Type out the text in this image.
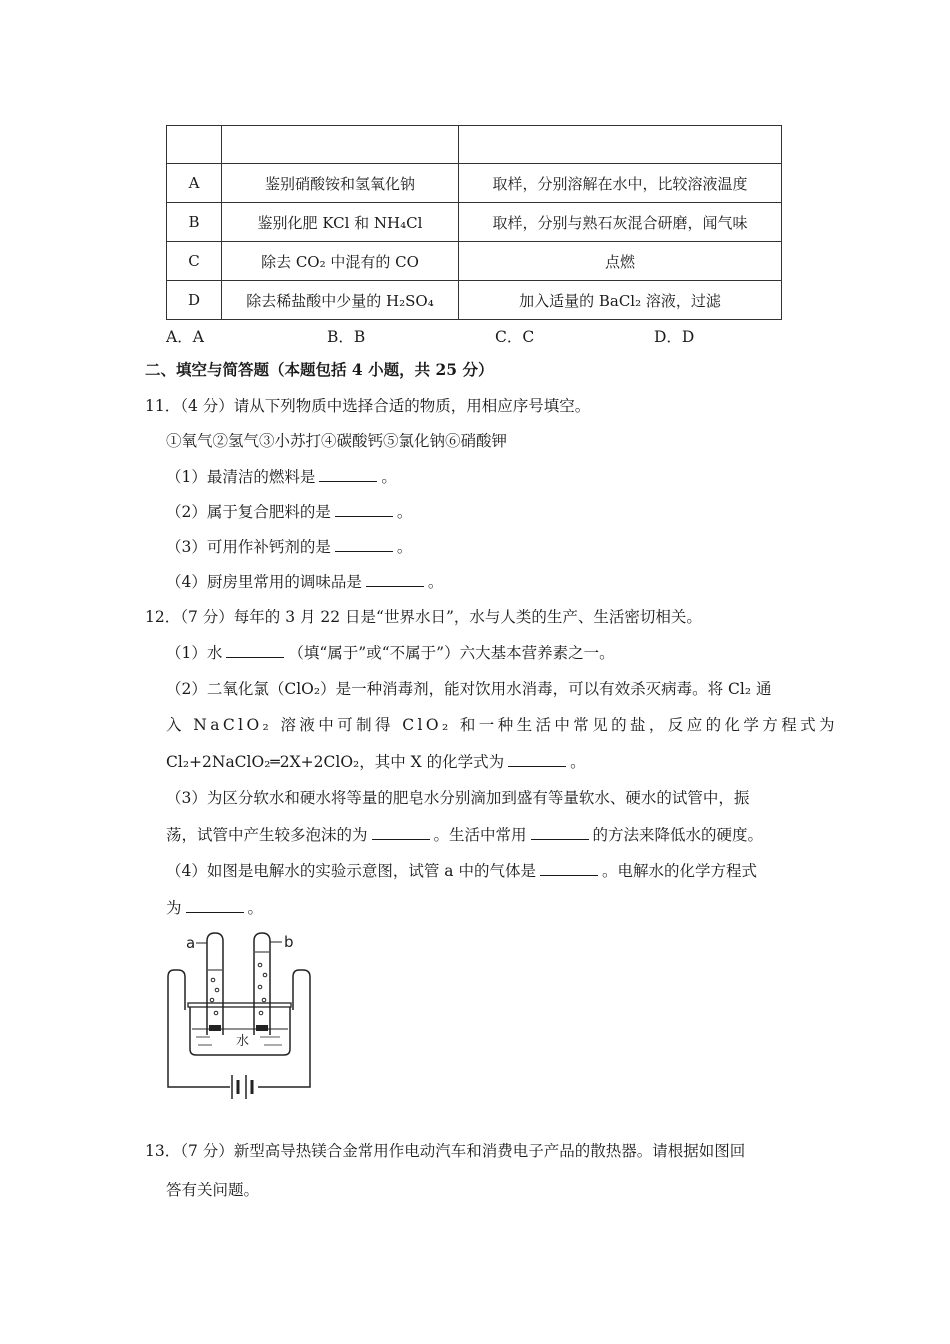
A	鉴别硝酸铵和氢氧化钠	取样，分别溶解在水中，比较溶液温度
B	鉴别化肥 KCl 和 NH₄Cl	取样，分别与熟石灰混合研磨，闻气味
C	除去 CO₂ 中混有的 CO	点燃
D	除去稀盐酸中少量的 H₂SO₄	加入适量的 BaCl₂ 溶液，过滤
A．A	B．B	C．C	D．D
二、填空与简答题（本题包括 4 小题，共 25 分）
11．（4 分）请从下列物质中选择合适的物质，用相应序号填空。
①氧气②氢气③小苏打④碳酸钙⑤氯化钠⑥硝酸钾
（1）最清洁的燃料是	。
（2）属于复合肥料的是	。
（3）可用作补钙剂的是	。
（4）厨房里常用的调味品是	。
12．（7 分）每年的 3 月 22 日是“世界水日”，水与人类的生产、生活密切相关。
（1）水	（填“属于”或“不属于”）六大基本营养素之一。
（2）二氧化氯（ClO₂）是一种消毒剂，能对饮用水消毒，可以有效杀灭病毒。将 Cl₂ 通
入 NaClO₂ 溶液中可制得 ClO₂ 和一种生活中常见的盐，反应的化学方程式为
Cl₂+2NaClO₂═2X+2ClO₂，其中 X 的化学式为	。
（3）为区分软水和硬水将等量的肥皂水分别滴加到盛有等量软水、硬水的试管中，振
荡，试管中产生较多泡沫的为	。生活中常用	的方法来降低水的硬度。
（4）如图是电解水的实验示意图，试管 a 中的气体是	。电解水的化学方程式
为	。
水
a	b
13．（7 分）新型高导热镁合金常用作电动汽车和消费电子产品的散热器。请根据如图回
答有关问题。
